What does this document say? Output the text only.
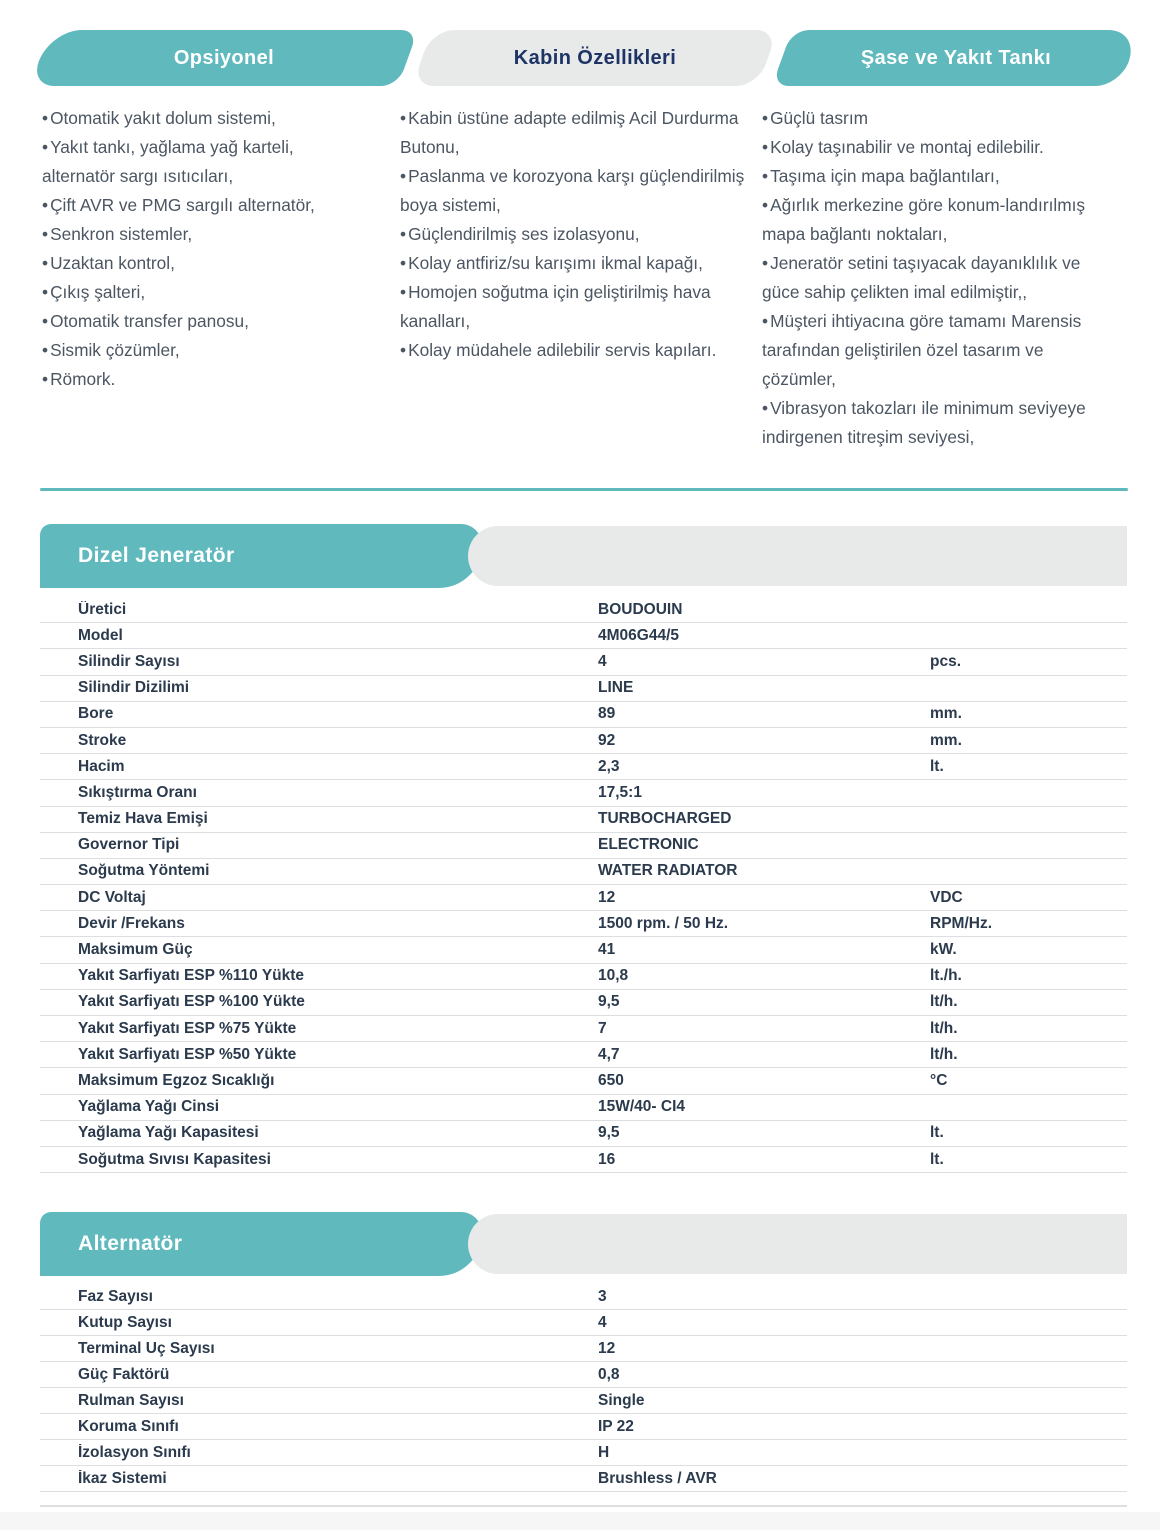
Opsiyonel	Kabin Özellikleri	Şase ve Yakıt Tankı
• Otomatik yakıt dolum sistemi,
• Yakıt tankı, yağlama yağ karteli, alternatör sargı ısıtıcıları,
• Çift AVR ve PMG sargılı alternatör,
• Senkron sistemler,
• Uzaktan kontrol,
• Çıkış şalteri,
• Otomatik transfer panosu,
• Sismik çözümler,
• Römork.
• Kabin üstüne adapte edilmiş Acil Durdurma Butonu,
• Paslanma ve korozyona karşı güçlendirilmiş boya sistemi,
• Güçlendirilmiş ses izolasyonu,
• Kolay antfiriz/su karışımı ikmal kapağı,
• Homojen soğutma için geliştirilmiş hava kanalları,
• Kolay müdahele adilebilir servis kapıları.
• Güçlü tasrım
• Kolay taşınabilir ve montaj edilebilir.
• Taşıma için mapa bağlantıları,
• Ağırlık merkezine göre konum-landırılmış mapa bağlantı noktaları,
• Jeneratör setini taşıyacak dayanıklılık ve güce sahip çelikten imal edilmiştir,,
• Müşteri ihtiyacına göre tamamı Marensis tarafından geliştirilen özel tasarım ve çözümler,
• Vibrasyon takozları ile minimum seviyeye indirgenen titreşim seviyesi,
Dizel Jeneratör
Üretici	BOUDOUIN
Model	4M06G44/5
Silindir Sayısı	4	pcs.
Silindir Dizilimi	LINE
Bore	89	mm.
Stroke	92	mm.
Hacim	2,3	lt.
Sıkıştırma Oranı	17,5:1
Temiz Hava Emişi	TURBOCHARGED
Governor Tipi	ELECTRONIC
Soğutma Yöntemi	WATER RADIATOR
DC Voltaj	12	VDC
Devir /Frekans	1500 rpm. / 50 Hz.	RPM/Hz.
Maksimum Güç	41	kW.
Yakıt Sarfiyatı ESP %110 Yükte	10,8	lt./h.
Yakıt Sarfiyatı ESP %100 Yükte	9,5	lt/h.
Yakıt Sarfiyatı ESP %75 Yükte	7	lt/h.
Yakıt Sarfiyatı ESP %50 Yükte	4,7	lt/h.
Maksimum Egzoz Sıcaklığı	650	°C
Yağlama Yağı Cinsi	15W/40- CI4
Yağlama Yağı Kapasitesi	9,5	lt.
Soğutma Sıvısı Kapasitesi	16	lt.
Alternatör
Faz Sayısı	3
Kutup Sayısı	4
Terminal Uç Sayısı	12
Güç Faktörü	0,8
Rulman Sayısı	Single
Koruma Sınıfı	IP 22
İzolasyon Sınıfı	H
İkaz Sistemi	Brushless / AVR
